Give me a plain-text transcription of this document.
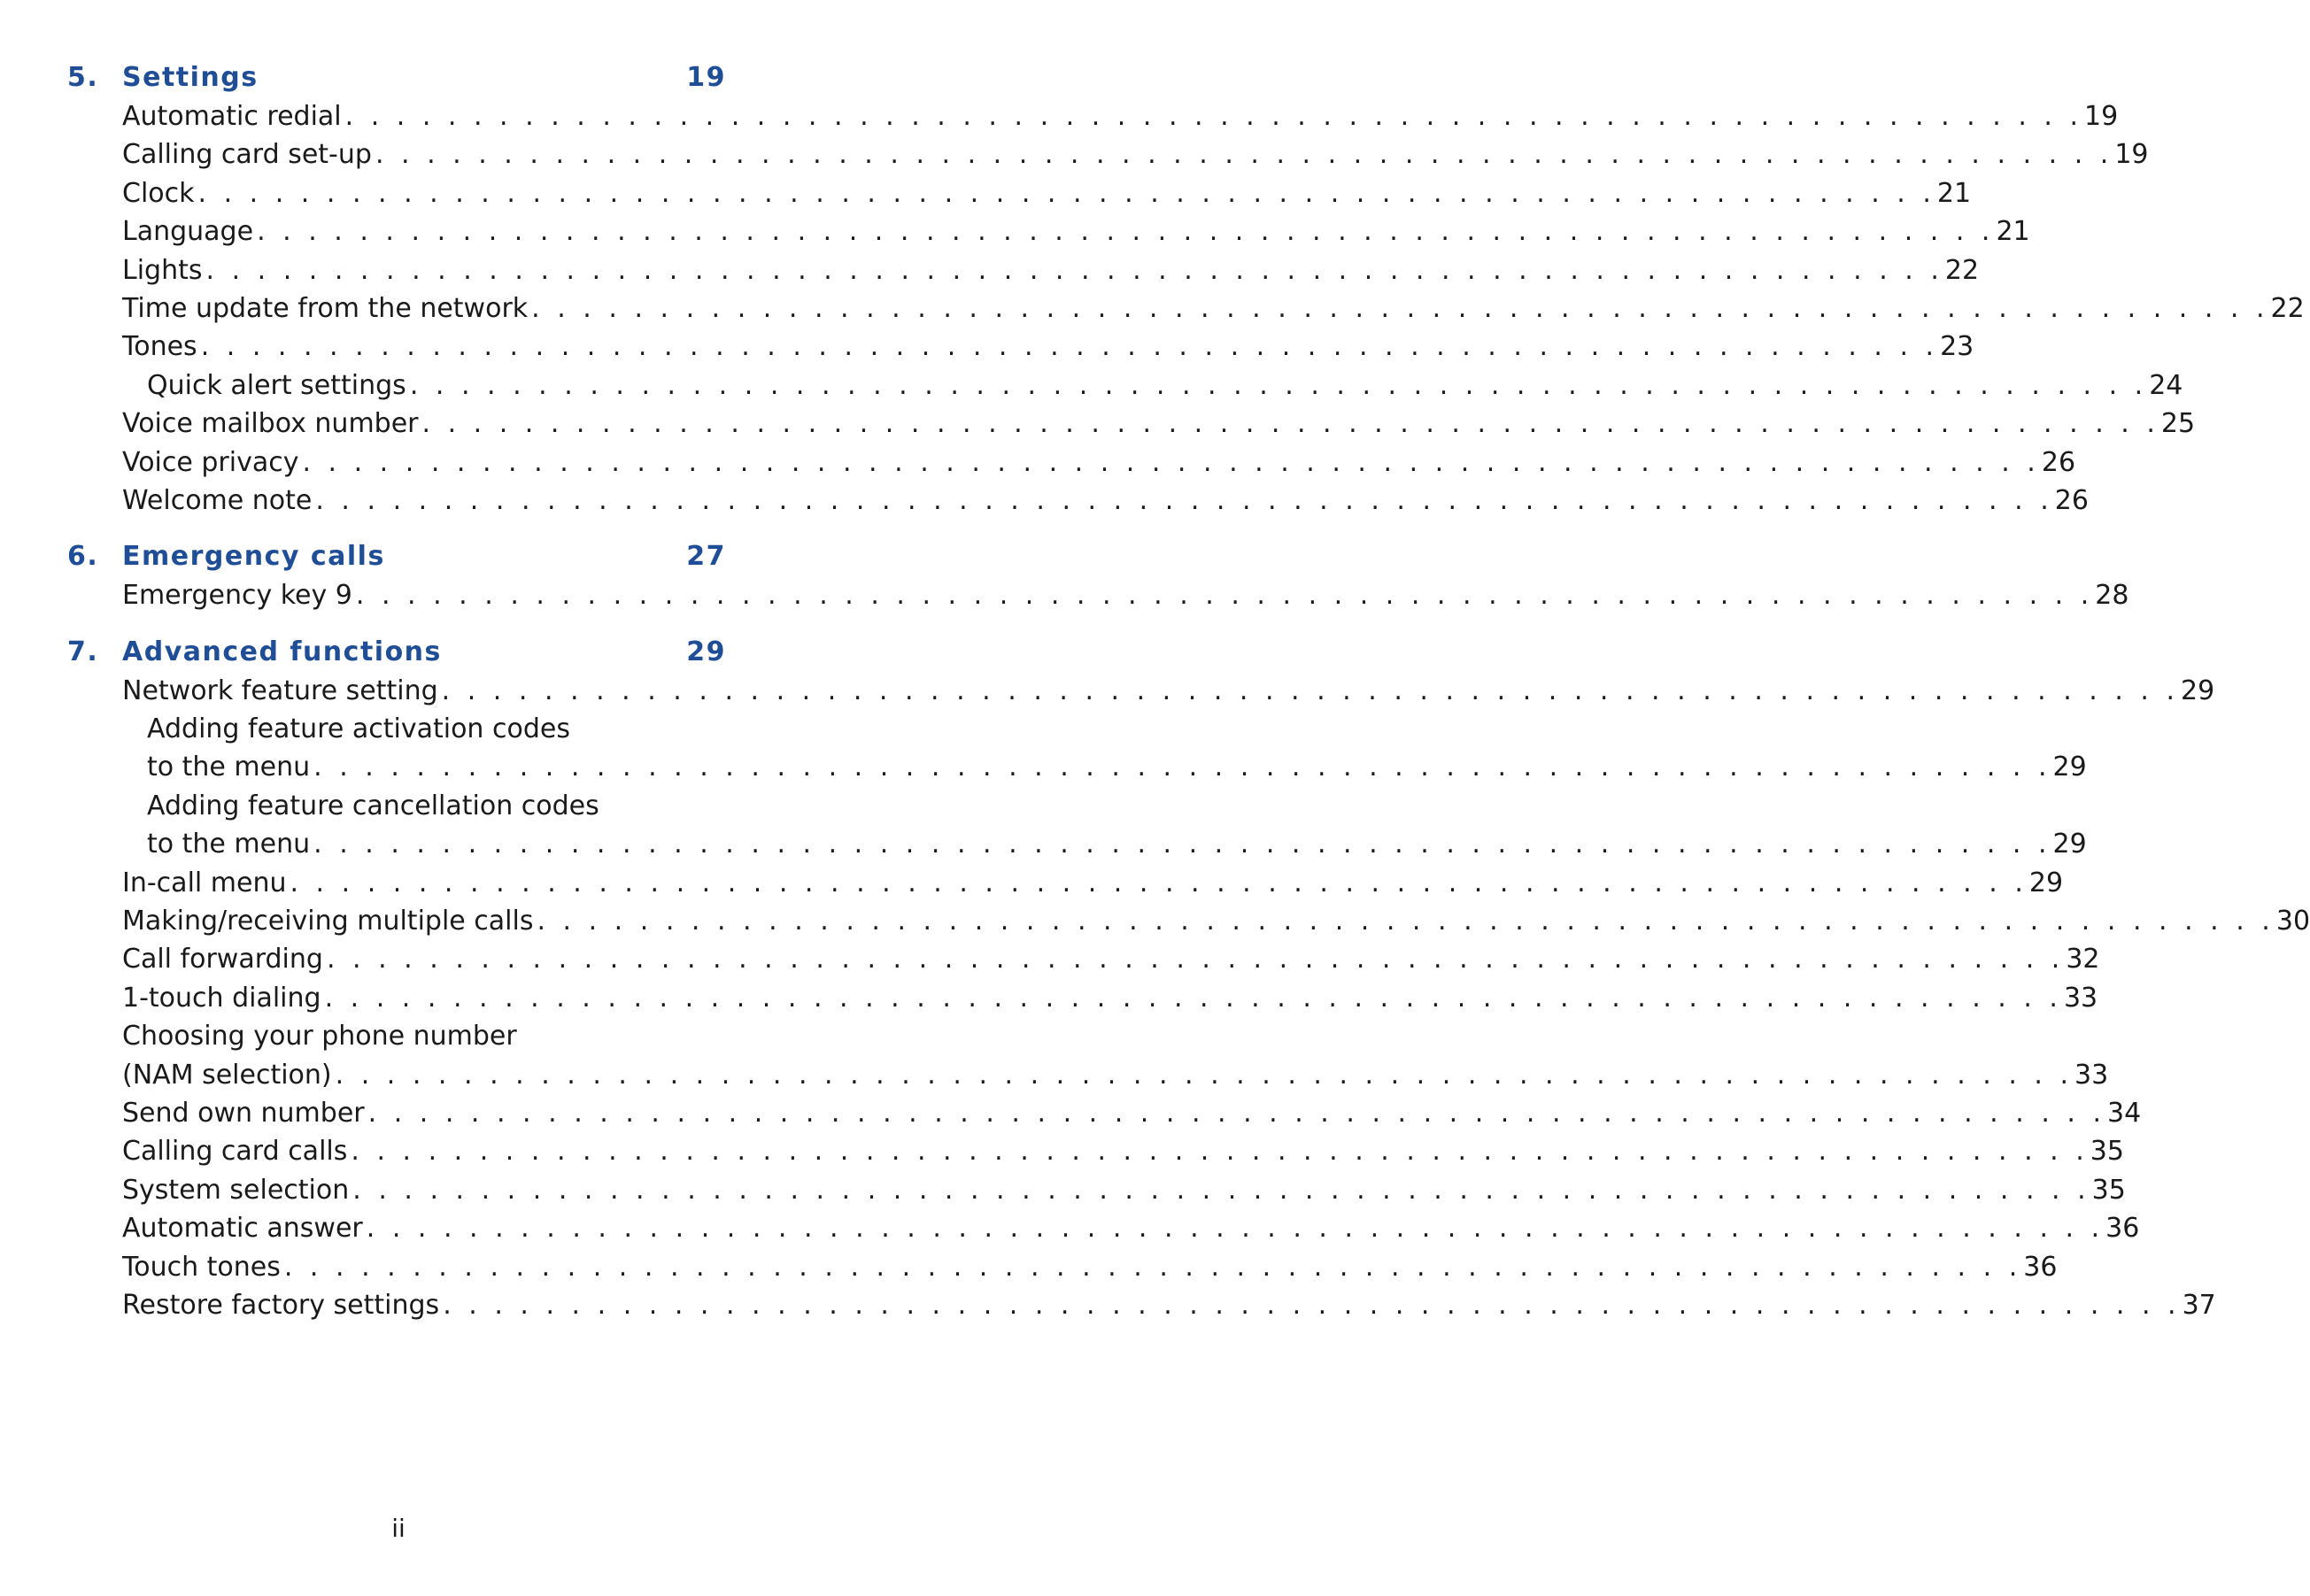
5. Settings	19
Automatic redial . . . . . . . . . . . . . . . . . . . . . . . . . . . . . . . . . . . . . . . . . . . . . . . . . . . . . . . . . . . . . . . . . . . . 19
Calling card set-up . . . . . . . . . . . . . . . . . . . . . . . . . . . . . . . . . . . . . . . . . . . . . . . . . . . . . . . . . . . . . . . . . . . . 19
Clock . . . . . . . . . . . . . . . . . . . . . . . . . . . . . . . . . . . . . . . . . . . . . . . . . . . . . . . . . . . . . . . . . . . . 21
Language . . . . . . . . . . . . . . . . . . . . . . . . . . . . . . . . . . . . . . . . . . . . . . . . . . . . . . . . . . . . . . . . . . . . 21
Lights . . . . . . . . . . . . . . . . . . . . . . . . . . . . . . . . . . . . . . . . . . . . . . . . . . . . . . . . . . . . . . . . . . . . 22
Time update from the network . . . . . . . . . . . . . . . . . . . . . . . . . . . . . . . . . . . . . . . . . . . . . . . . . . . . . . . . . . . . . . . . . . . . 22
Tones . . . . . . . . . . . . . . . . . . . . . . . . . . . . . . . . . . . . . . . . . . . . . . . . . . . . . . . . . . . . . . . . . . . . 23
Quick alert settings . . . . . . . . . . . . . . . . . . . . . . . . . . . . . . . . . . . . . . . . . . . . . . . . . . . . . . . . . . . . . . . . . . . . 24
Voice mailbox number . . . . . . . . . . . . . . . . . . . . . . . . . . . . . . . . . . . . . . . . . . . . . . . . . . . . . . . . . . . . . . . . . . . . 25
Voice privacy . . . . . . . . . . . . . . . . . . . . . . . . . . . . . . . . . . . . . . . . . . . . . . . . . . . . . . . . . . . . . . . . . . . . 26
Welcome note . . . . . . . . . . . . . . . . . . . . . . . . . . . . . . . . . . . . . . . . . . . . . . . . . . . . . . . . . . . . . . . . . . . . 26
6. Emergency calls	27
Emergency key 9 . . . . . . . . . . . . . . . . . . . . . . . . . . . . . . . . . . . . . . . . . . . . . . . . . . . . . . . . . . . . . . . . . . . . 28
7. Advanced functions	29
Network feature setting . . . . . . . . . . . . . . . . . . . . . . . . . . . . . . . . . . . . . . . . . . . . . . . . . . . . . . . . . . . . . . . . . . . . 29
Adding feature activation codes
to the menu . . . . . . . . . . . . . . . . . . . . . . . . . . . . . . . . . . . . . . . . . . . . . . . . . . . . . . . . . . . . . . . . . . . . 29
Adding feature cancellation codes
to the menu . . . . . . . . . . . . . . . . . . . . . . . . . . . . . . . . . . . . . . . . . . . . . . . . . . . . . . . . . . . . . . . . . . . . 29
In-call menu . . . . . . . . . . . . . . . . . . . . . . . . . . . . . . . . . . . . . . . . . . . . . . . . . . . . . . . . . . . . . . . . . . . . 29
Making/receiving multiple calls . . . . . . . . . . . . . . . . . . . . . . . . . . . . . . . . . . . . . . . . . . . . . . . . . . . . . . . . . . . . . . . . . . . . 30
Call forwarding . . . . . . . . . . . . . . . . . . . . . . . . . . . . . . . . . . . . . . . . . . . . . . . . . . . . . . . . . . . . . . . . . . . . 32
1-touch dialing . . . . . . . . . . . . . . . . . . . . . . . . . . . . . . . . . . . . . . . . . . . . . . . . . . . . . . . . . . . . . . . . . . . . 33
Choosing your phone number
(NAM selection) . . . . . . . . . . . . . . . . . . . . . . . . . . . . . . . . . . . . . . . . . . . . . . . . . . . . . . . . . . . . . . . . . . . . 33
Send own number . . . . . . . . . . . . . . . . . . . . . . . . . . . . . . . . . . . . . . . . . . . . . . . . . . . . . . . . . . . . . . . . . . . . 34
Calling card calls . . . . . . . . . . . . . . . . . . . . . . . . . . . . . . . . . . . . . . . . . . . . . . . . . . . . . . . . . . . . . . . . . . . . 35
System selection . . . . . . . . . . . . . . . . . . . . . . . . . . . . . . . . . . . . . . . . . . . . . . . . . . . . . . . . . . . . . . . . . . . . 35
Automatic answer . . . . . . . . . . . . . . . . . . . . . . . . . . . . . . . . . . . . . . . . . . . . . . . . . . . . . . . . . . . . . . . . . . . . 36
Touch tones . . . . . . . . . . . . . . . . . . . . . . . . . . . . . . . . . . . . . . . . . . . . . . . . . . . . . . . . . . . . . . . . . . . . 36
Restore factory settings . . . . . . . . . . . . . . . . . . . . . . . . . . . . . . . . . . . . . . . . . . . . . . . . . . . . . . . . . . . . . . . . . . . . 37
ii
